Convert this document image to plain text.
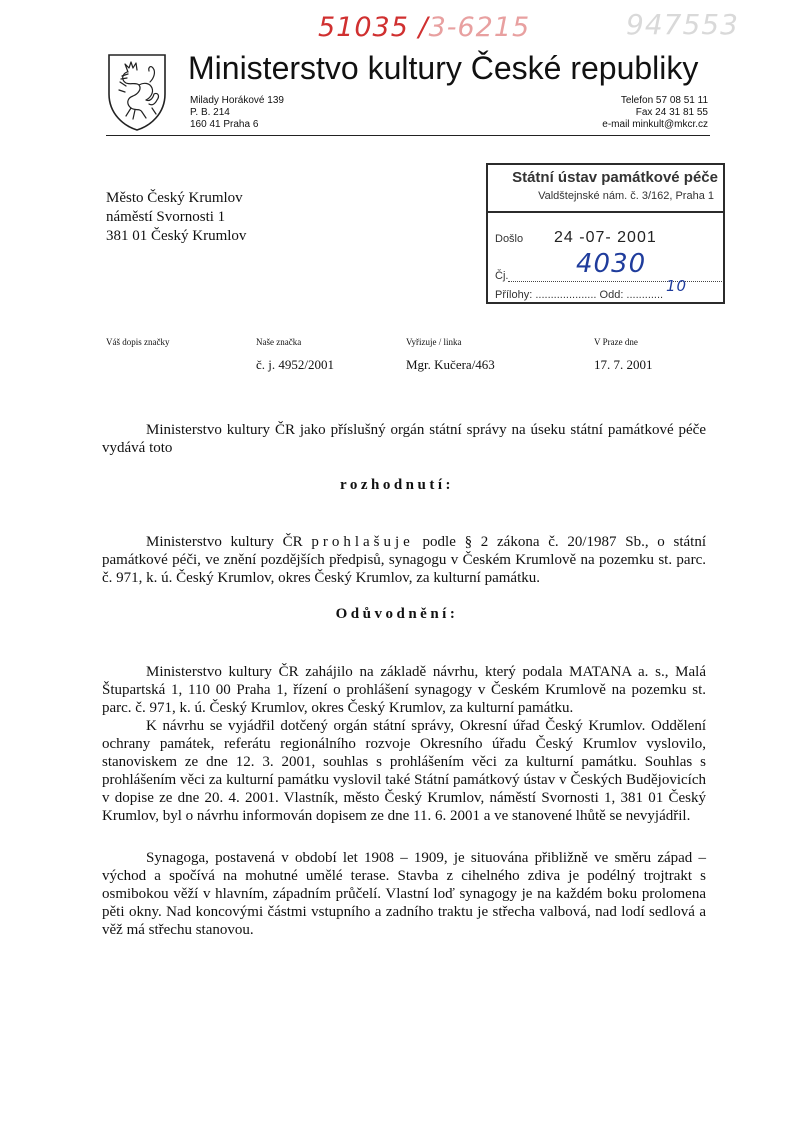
51035 /3-6215	947553
Ministerstvo kultury České republiky
Milady Horákové 139
P. B. 214
160 41 Praha 6
Telefon 57 08 51 11
Fax 24 31 81 55
e-mail minkult@mkcr.cz
Město Český Krumlov
náměstí Svornosti 1
381 01 Český Krumlov
Státní ústav památkové péče
Valdštejnské nám. č. 3/162, Praha 1
Došlo 24 -07- 2001
4030
Čj.
Přílohy: .................... Odd: ............ 10
Váš dopis značky	Naše značka
č. j. 4952/2001
Vyřizuje / linka
Mgr. Kučera/463
V Praze dne
17. 7. 2001
Ministerstvo kultury ČR jako příslušný orgán státní správy na úseku státní památkové péče vydává toto
rozhodnutí:
Ministerstvo kultury ČR prohlašuje podle § 2 zákona č. 20/1987 Sb., o státní památkové péči, ve znění pozdějších předpisů, synagogu v Českém Krumlově na pozemku st. parc. č. 971, k. ú. Český Krumlov, okres Český Krumlov, za kulturní památku.
Odůvodnění:
Ministerstvo kultury ČR zahájilo na základě návrhu, který podala MATANA a. s., Malá Štupartská 1, 110 00 Praha 1, řízení o prohlášení synagogy v Českém Krumlově na pozemku st. parc. č. 971, k. ú. Český Krumlov, okres Český Krumlov, za kulturní památku.
K návrhu se vyjádřil dotčený orgán státní správy, Okresní úřad Český Krumlov. Oddělení ochrany památek, referátu regionálního rozvoje Okresního úřadu Český Krumlov vyslovilo, stanoviskem ze dne 12. 3. 2001, souhlas s prohlášením věci za kulturní památku. Souhlas s prohlášením věci za kulturní památku vyslovil také Státní památkový ústav v Českých Budějovicích v dopise ze dne 20. 4. 2001. Vlastník, město Český Krumlov, náměstí Svornosti 1, 381 01 Český Krumlov, byl o návrhu informován dopisem ze dne 11. 6. 2001 a ve stanovené lhůtě se nevyjádřil.
Synagoga, postavená v období let 1908 – 1909, je situována přibližně ve směru západ – východ a spočívá na mohutné umělé terase. Stavba z cihelného zdiva je podélný trojtrakt s osmibokou věží v hlavním, západním průčelí. Vlastní loď synagogy je na každém boku prolomena pěti okny. Nad koncovými částmi vstupního a zadního traktu je střecha valbová, nad lodí sedlová a věž má střechu stanovou.
